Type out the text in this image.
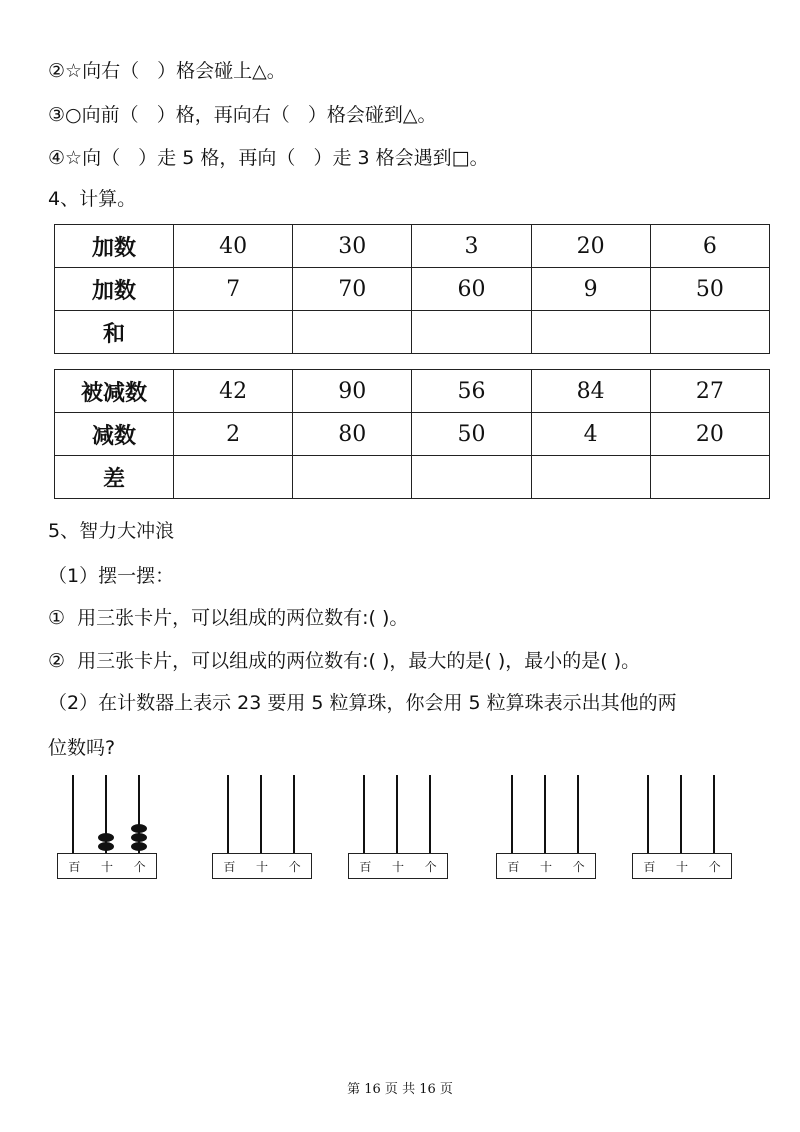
②☆向右（   ）格会碰上△。
③○向前（   ）格，再向右（   ）格会碰到△。
④☆向（   ）走 5 格，再向（   ）走 3 格会遇到□。
4、计算。
加数	40	30	3	20	6
加数	7	70	60	9	50
和					
被减数	42	90	56	84	27
减数	2	80	50	4	20
差					
5、智力大冲浪
（1）摆一摆：
①  用三张卡片，可以组成的两位数有:( )。
②  用三张卡片，可以组成的两位数有:( )，最大的是( )，最小的是( )。
（2）在计数器上表示 23 要用 5 粒算珠，你会用 5 粒算珠表示出其他的两
位数吗?
百 十 个	百 十 个	百 十 个	百 十 个	百 十 个
第 16 页 共 16 页
